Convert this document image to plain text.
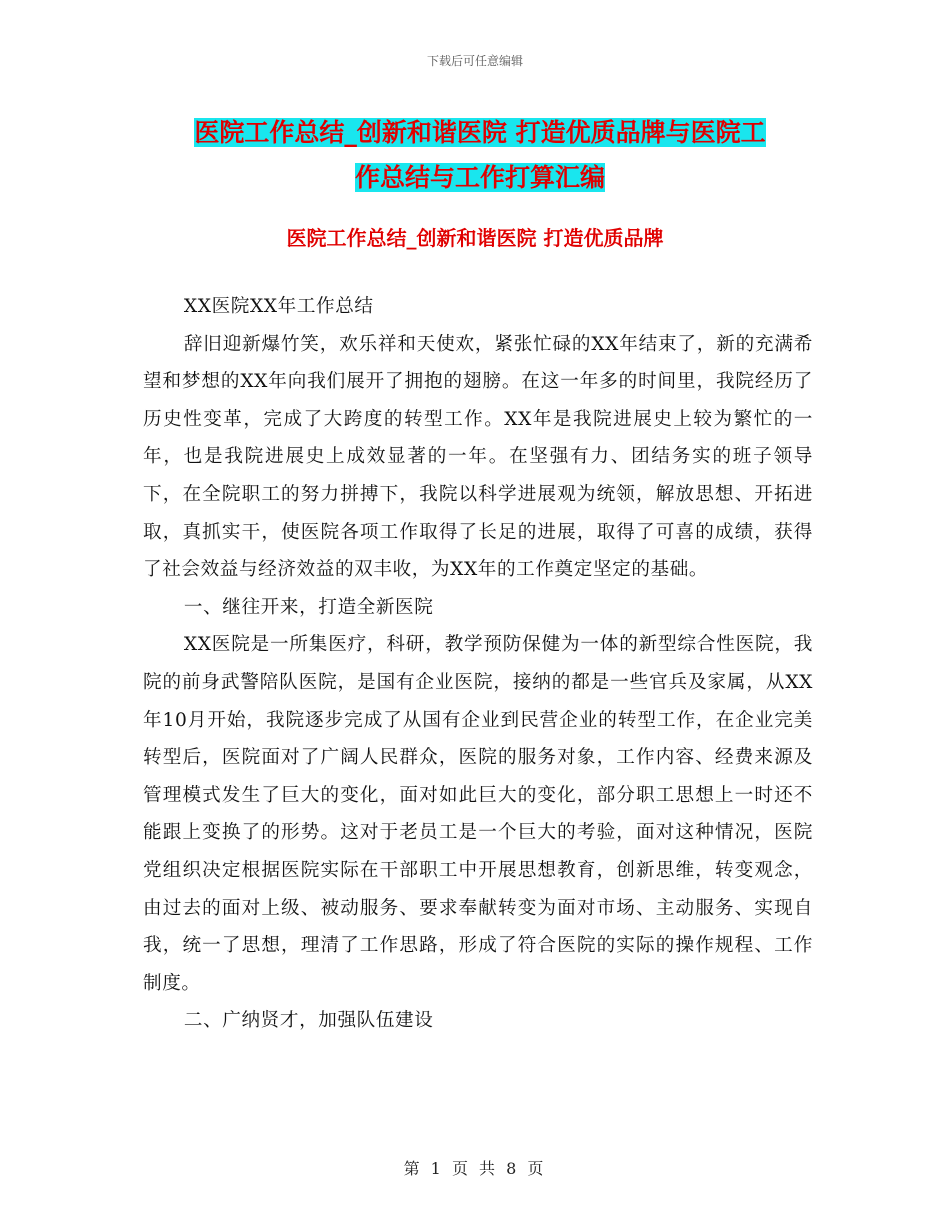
下载后可任意编辑
医院工作总结_创新和谐医院 打造优质品牌与医院工
作总结与工作打算汇编
医院工作总结_创新和谐医院 打造优质品牌

XX医院XX年工作总结

辞旧迎新爆竹笑，欢乐祥和天使欢，紧张忙碌的XX年结束了，新的充满希望和梦想的XX年向我们展开了拥抱的翅膀。在这一年多的时间里，我院经历了历史性变革，完成了大跨度的转型工作。XX年是我院进展史上较为繁忙的一年，也是我院进展史上成效显著的一年。在坚强有力、团结务实的班子领导下，在全院职工的努力拼搏下，我院以科学进展观为统领，解放思想、开拓进取，真抓实干，使医院各项工作取得了长足的进展，取得了可喜的成绩，获得了社会效益与经济效益的双丰收，为XX年的工作奠定坚定的基础。

一、继往开来，打造全新医院

XX医院是一所集医疗，科研，教学预防保健为一体的新型综合性医院，我院的前身武警陪队医院，是国有企业医院，接纳的都是一些官兵及家属，从XX年10月开始，我院逐步完成了从国有企业到民营企业的转型工作，在企业完美转型后，医院面对了广阔人民群众，医院的服务对象，工作内容、经费来源及管理模式发生了巨大的变化，面对如此巨大的变化，部分职工思想上一时还不能跟上变换了的形势。这对于老员工是一个巨大的考验，面对这种情况，医院党组织决定根据医院实际在干部职工中开展思想教育，创新思维，转变观念，由过去的面对上级、被动服务、要求奉献转变为面对市场、主动服务、实现自我，统一了思想，理清了工作思路，形成了符合医院的实际的操作规程、工作制度。

二、广纳贤才，加强队伍建设

第 1 页 共 8 页
